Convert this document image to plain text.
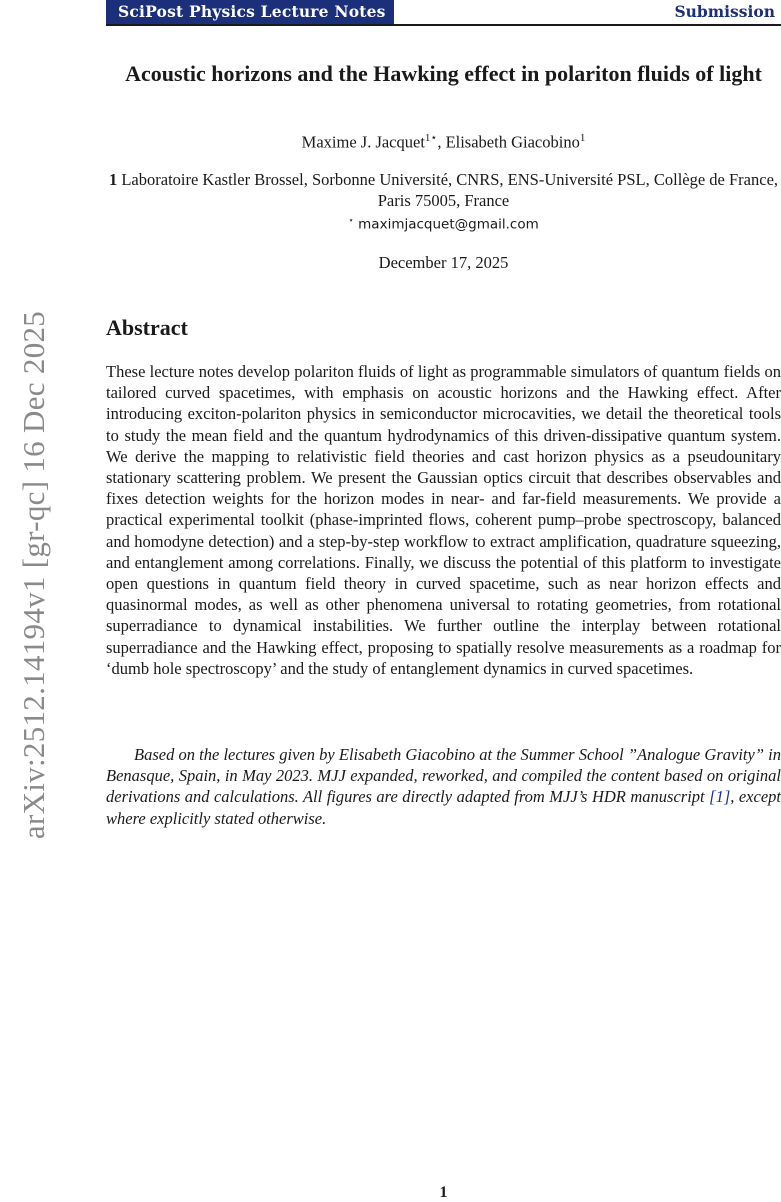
SciPost Physics Lecture Notes	Submission
arXiv:2512.14194v1 [gr-qc] 16 Dec 2025
Acoustic horizons and the Hawking effect in polariton fluids of light
Maxime J. Jacquet$^{1⋆}$, Elisabeth Giacobino$^1$
1 Laboratoire Kastler Brossel, Sorbonne Université, CNRS, ENS-Université PSL, Collège de France, Paris 75005, France
⋆ maximjacquet@gmail.com
December 17, 2025
Abstract
These lecture notes develop polariton fluids of light as programmable simulators of quantum fields on tailored curved spacetimes, with emphasis on acoustic horizons and the Hawking effect. After introducing exciton-polariton physics in semiconductor microcavities, we detail the theoretical tools to study the mean field and the quantum hydrodynamics of this driven-dissipative quantum system. We derive the mapping to relativistic field theories and cast horizon physics as a pseudounitary stationary scattering problem. We present the Gaussian optics circuit that describes observables and fixes detection weights for the horizon modes in near- and far-field measurements. We provide a practical experimental toolkit (phase-imprinted flows, coherent pump–probe spectroscopy, balanced and homodyne detection) and a step-by-step workflow to extract amplification, quadrature squeezing, and entanglement among correlations. Finally, we discuss the potential of this platform to investigate open questions in quantum field theory in curved spacetime, such as near horizon effects and quasinormal modes, as well as other phenomena universal to rotating geometries, from rotational superradiance to dynamical instabilities. We further outline the interplay between rotational superradiance and the Hawking effect, proposing to spatially resolve measurements as a roadmap for ‘dumb hole spectroscopy’ and the study of entanglement dynamics in curved spacetimes.
Based on the lectures given by Elisabeth Giacobino at the Summer School ”Analogue Gravity” in Benasque, Spain, in May 2023. MJJ expanded, reworked, and compiled the content based on original derivations and calculations. All figures are directly adapted from MJJ’s HDR manuscript [1], except where explicitly stated otherwise.
1
